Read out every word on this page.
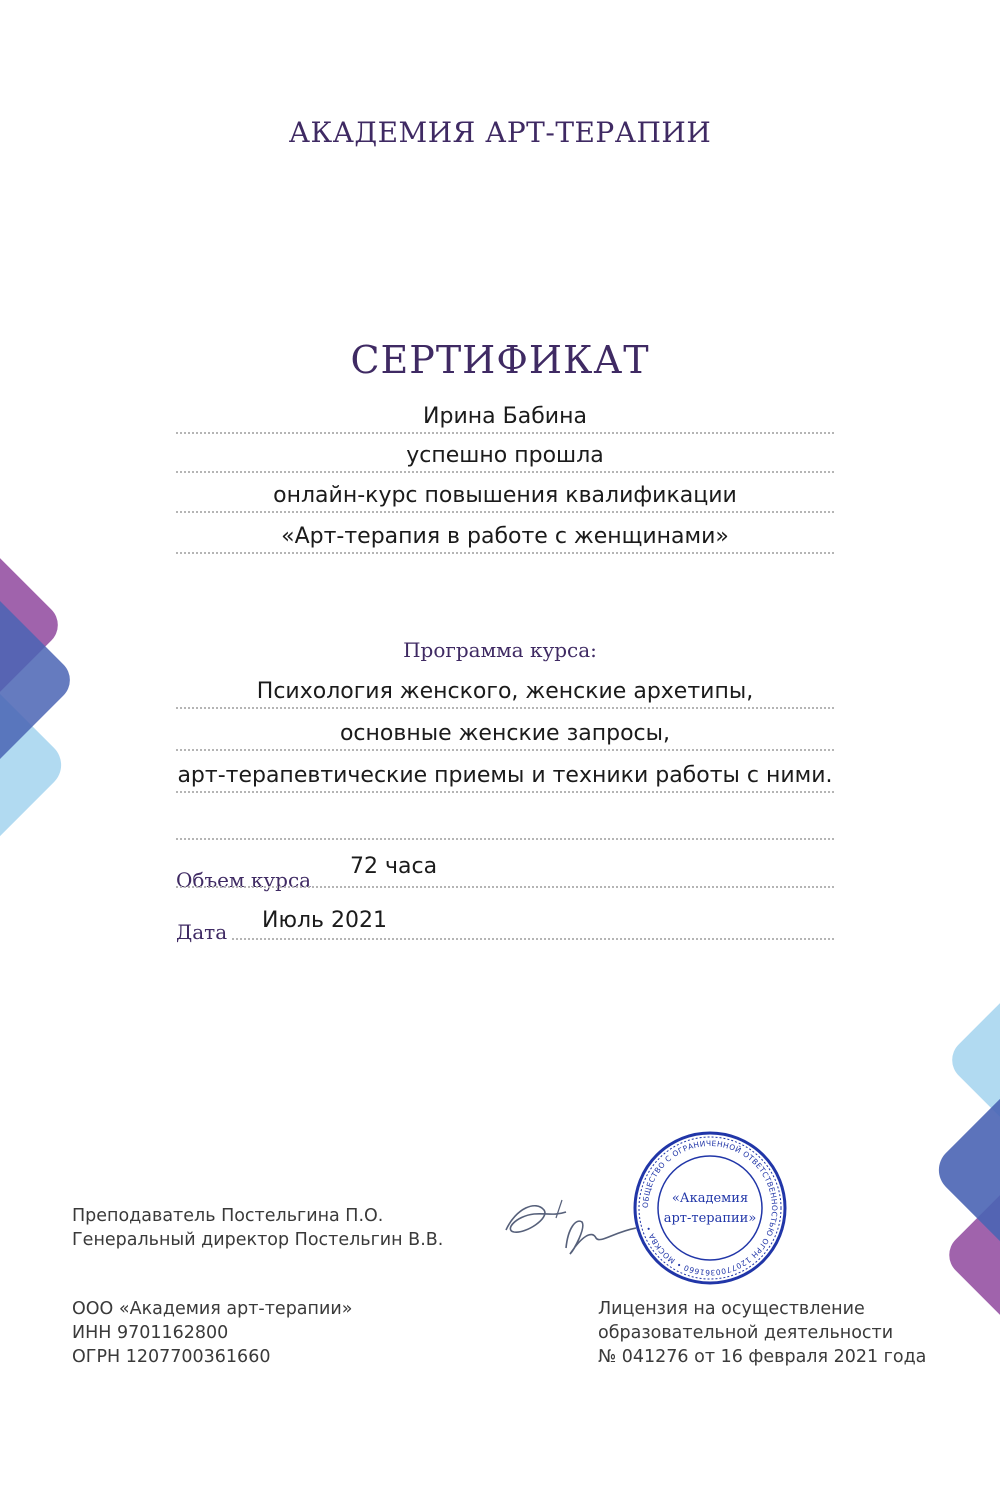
АКАДЕМИЯ АРТ-ТЕРАПИИ
СЕРТИФИКАТ
Ирина Бабина
успешно прошла
онлайн-курс повышения квалификации
«Арт-терапия в работе с женщинами»
Программа курса:
Психология женского, женские архетипы,
основные женские запросы,
арт-терапевтические приемы и техники работы с ними.
Объем курса
72 часа
Дата Июль 2021
ОБЩЕСТВО С ОГРАНИЧЕННОЙ ОТВЕТСТВЕННОСТЬЮ ОГРН 1207700361660 • МОСКВА •
«Академия
арт-терапии»
Преподаватель Постельгина П.О.
Генеральный директор Постельгин В.В.
ООО «Академия арт-терапии»
ИНН 9701162800
ОГРН 1207700361660
Лицензия на осуществление
образовательной деятельности
№ 041276 от 16 февраля 2021 года
